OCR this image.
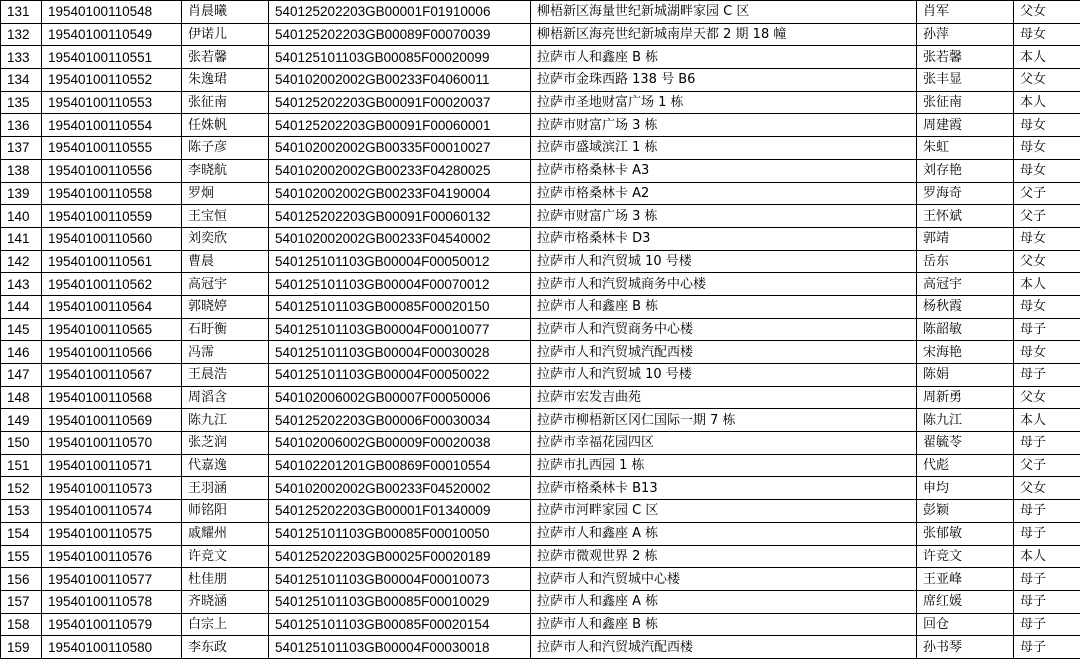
131	19540100110548	肖晨曦	540125202203GB00001F01910006	柳梧新区海量世纪新城湖畔家园 C 区	肖军	父女
132	19540100110549	伊诺儿	540125202203GB00089F00070039	柳梧新区海亮世纪新城南岸天都 2 期 18 幢	孙萍	母女
133	19540100110551	张若馨	540125101103GB00085F00020099	拉萨市人和鑫座 B 栋	张若馨	本人
134	19540100110552	朱逸珺	540102002002GB00233F04060011	拉萨市金珠西路 138 号 B6	张丰显	父女
135	19540100110553	张征南	540125202203GB00091F00020037	拉萨市圣地财富广场 1 栋	张征南	本人
136	19540100110554	任姝帆	540125202203GB00091F00060001	拉萨市财富广场 3 栋	周建霞	母女
137	19540100110555	陈子彦	540102002002GB00335F00010027	拉萨市盛域滨江 1 栋	朱虹	母女
138	19540100110556	李晓航	540102002002GB00233F04280025	拉萨市格桑林卡 A3	刘存艳	母女
139	19540100110558	罗炯	540102002002GB00233F04190004	拉萨市格桑林卡 A2	罗海奇	父子
140	19540100110559	王宝恒	540125202203GB00091F00060132	拉萨市财富广场 3 栋	王怀斌	父子
141	19540100110560	刘奕欣	540102002002GB00233F04540002	拉萨市格桑林卡 D3	郭靖	母女
142	19540100110561	曹晨	540125101103GB00004F00050012	拉萨市人和汽贸城 10 号楼	岳东	父女
143	19540100110562	高冠宇	540125101103GB00004F00070012	拉萨市人和汽贸城商务中心楼	高冠宇	本人
144	19540100110564	郭晓婷	540125101103GB00085F00020150	拉萨市人和鑫座 B 栋	杨秋霞	母女
145	19540100110565	石盱衡	540125101103GB00004F00010077	拉萨市人和汽贸商务中心楼	陈韶敏	母子
146	19540100110566	冯霈	540125101103GB00004F00030028	拉萨市人和汽贸城汽配西楼	宋海艳	母女
147	19540100110567	王晨浩	540125101103GB00004F00050022	拉萨市人和汽贸城 10 号楼	陈娟	母子
148	19540100110568	周滔含	540102006002GB00007F00050006	拉萨市宏发吉曲苑	周新勇	父女
149	19540100110569	陈九江	540125202203GB00006F00030034	拉萨市柳梧新区冈仁国际一期 7 栋	陈九江	本人
150	19540100110570	张芝润	540102006002GB00009F00020038	拉萨市幸福花园四区	翟毓苓	母子
151	19540100110571	代嘉逸	540102201201GB00869F00010554	拉萨市扎西园 1 栋	代彪	父子
152	19540100110573	王羽涵	540102002002GB00233F04520002	拉萨市格桑林卡 B13	申均	父女
153	19540100110574	师铭阳	540125202203GB00001F01340009	拉萨市河畔家园 C 区	彭颖	母子
154	19540100110575	戚耀州	540125101103GB00085F00010050	拉萨市人和鑫座 A 栋	张郁敏	母子
155	19540100110576	许竞文	540125202203GB00025F00020189	拉萨市微观世界 2 栋	许竞文	本人
156	19540100110577	杜佳朋	540125101103GB00004F00010073	拉萨市人和汽贸城中心楼	王亚峰	母子
157	19540100110578	齐晓涵	540125101103GB00085F00010029	拉萨市人和鑫座 A 栋	席红媛	母子
158	19540100110579	白宗上	540125101103GB00085F00020154	拉萨市人和鑫座 B 栋	回仓	母子
159	19540100110580	李东政	540125101103GB00004F00030018	拉萨市人和汽贸城汽配西楼	孙书琴	母子
